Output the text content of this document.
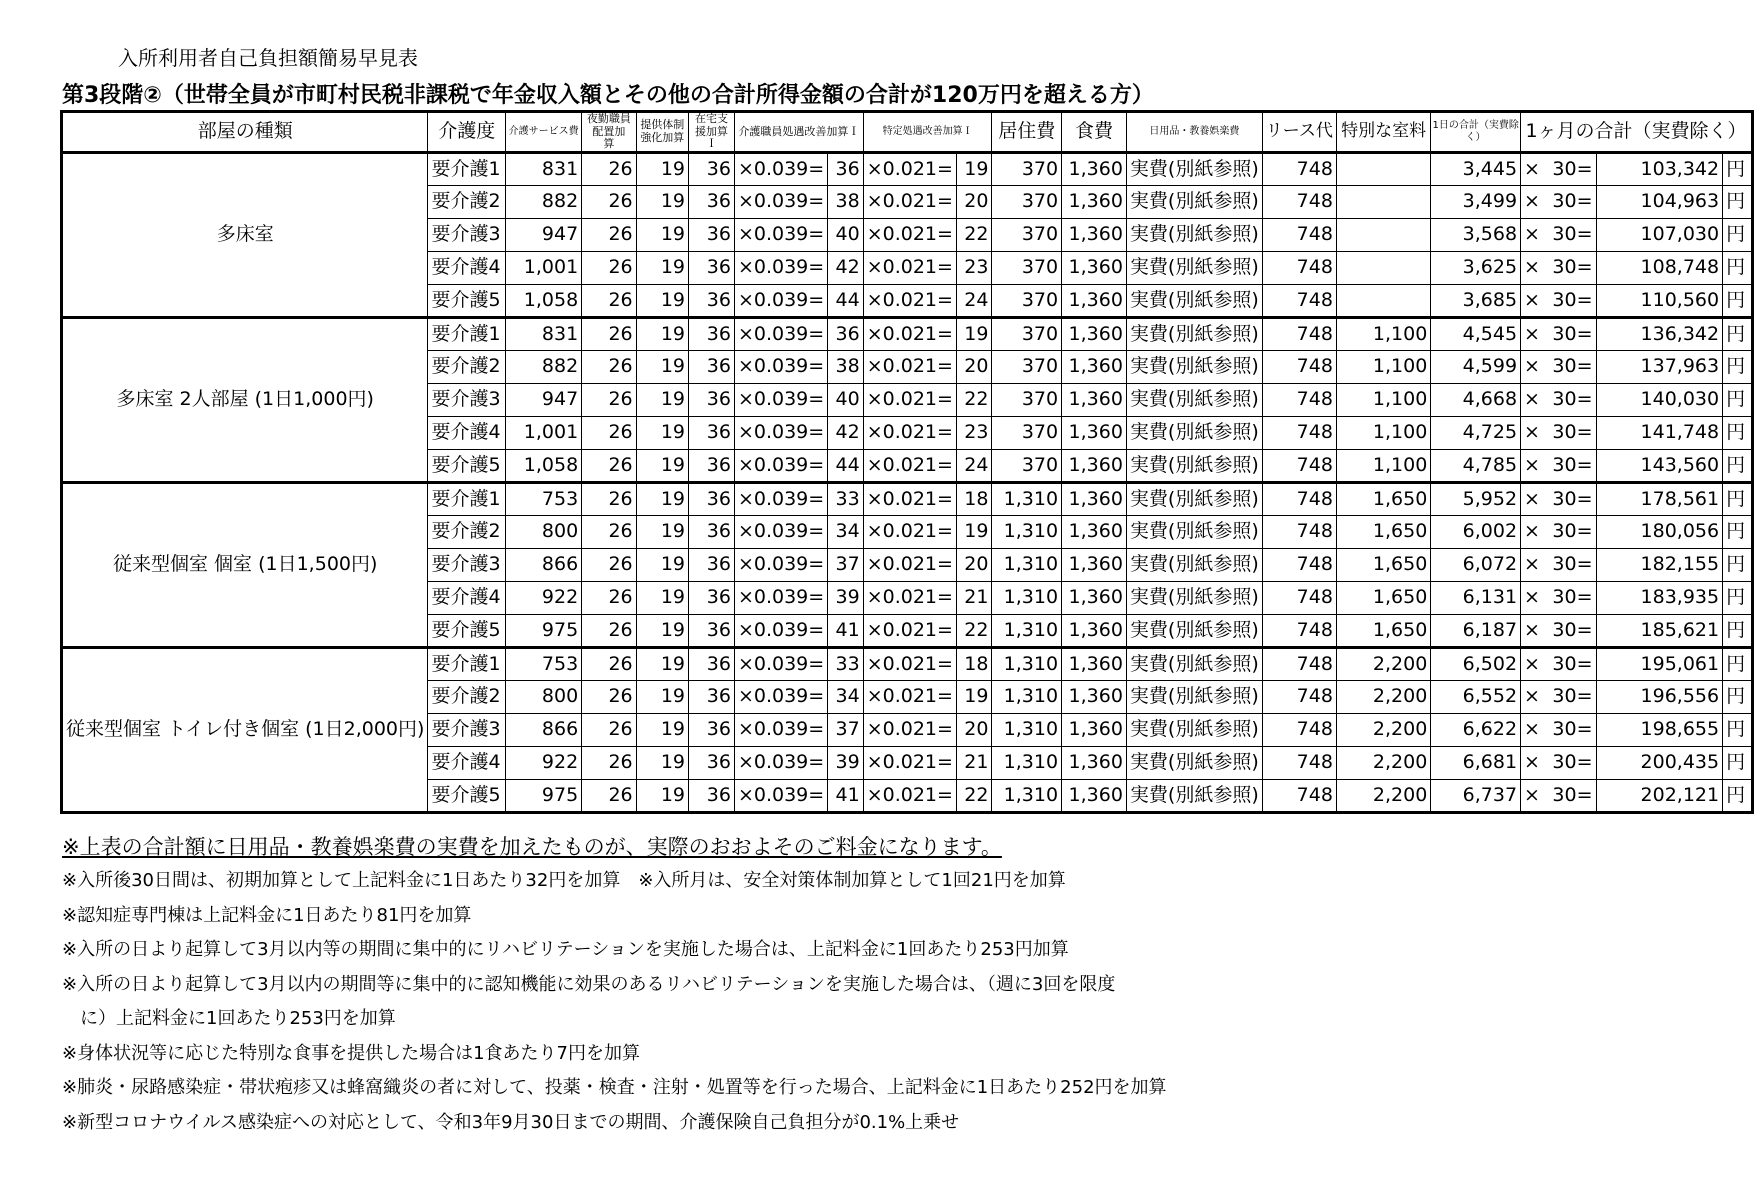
入所利用者自己負担額簡易早見表
第3段階②（世帯全員が市町村民税非課税で年金収入額とその他の合計所得金額の合計が120万円を超える方）
部屋の種類	介護度	介護サービス費	夜勤職員配置加　　算	提供体制強化加算	在宅支援加算Ｉ	介護職員処遇改善加算Ｉ		特定処遇改善加算Ｉ		居住費	食費	日用品・教養娯楽費	リース代	特別な室料	1日の合計（実費除く）	1ヶ月の合計（実費除く）			
多床室	要介護1	831	26	19	36	×0.039=	36	×0.021=	19	370	1,360	実費(別紙参照)	748		3,445	×	30=	103,342	円
	要介護2	882	26	19	36	×0.039=	38	×0.021=	20	370	1,360	実費(別紙参照)	748		3,499	×	30=	104,963	円
	要介護3	947	26	19	36	×0.039=	40	×0.021=	22	370	1,360	実費(別紙参照)	748		3,568	×	30=	107,030	円
	要介護4	1,001	26	19	36	×0.039=	42	×0.021=	23	370	1,360	実費(別紙参照)	748		3,625	×	30=	108,748	円
	要介護5	1,058	26	19	36	×0.039=	44	×0.021=	24	370	1,360	実費(別紙参照)	748		3,685	×	30=	110,560	円
多床室 2人部屋 (1日1,000円)	要介護1	831	26	19	36	×0.039=	36	×0.021=	19	370	1,360	実費(別紙参照)	748	1,100	4,545	×	30=	136,342	円
	要介護2	882	26	19	36	×0.039=	38	×0.021=	20	370	1,360	実費(別紙参照)	748	1,100	4,599	×	30=	137,963	円
	要介護3	947	26	19	36	×0.039=	40	×0.021=	22	370	1,360	実費(別紙参照)	748	1,100	4,668	×	30=	140,030	円
	要介護4	1,001	26	19	36	×0.039=	42	×0.021=	23	370	1,360	実費(別紙参照)	748	1,100	4,725	×	30=	141,748	円
	要介護5	1,058	26	19	36	×0.039=	44	×0.021=	24	370	1,360	実費(別紙参照)	748	1,100	4,785	×	30=	143,560	円
従来型個室 個室 (1日1,500円)	要介護1	753	26	19	36	×0.039=	33	×0.021=	18	1,310	1,360	実費(別紙参照)	748	1,650	5,952	×	30=	178,561	円
	要介護2	800	26	19	36	×0.039=	34	×0.021=	19	1,310	1,360	実費(別紙参照)	748	1,650	6,002	×	30=	180,056	円
	要介護3	866	26	19	36	×0.039=	37	×0.021=	20	1,310	1,360	実費(別紙参照)	748	1,650	6,072	×	30=	182,155	円
	要介護4	922	26	19	36	×0.039=	39	×0.021=	21	1,310	1,360	実費(別紙参照)	748	1,650	6,131	×	30=	183,935	円
	要介護5	975	26	19	36	×0.039=	41	×0.021=	22	1,310	1,360	実費(別紙参照)	748	1,650	6,187	×	30=	185,621	円
従来型個室 トイレ付き個室 (1日2,000円)	要介護1	753	26	19	36	×0.039=	33	×0.021=	18	1,310	1,360	実費(別紙参照)	748	2,200	6,502	×	30=	195,061	円
	要介護2	800	26	19	36	×0.039=	34	×0.021=	19	1,310	1,360	実費(別紙参照)	748	2,200	6,552	×	30=	196,556	円
	要介護3	866	26	19	36	×0.039=	37	×0.021=	20	1,310	1,360	実費(別紙参照)	748	2,200	6,622	×	30=	198,655	円
	要介護4	922	26	19	36	×0.039=	39	×0.021=	21	1,310	1,360	実費(別紙参照)	748	2,200	6,681	×	30=	200,435	円
	要介護5	975	26	19	36	×0.039=	41	×0.021=	22	1,310	1,360	実費(別紙参照)	748	2,200	6,737	×	30=	202,121	円
※上表の合計額に日用品・教養娯楽費の実費を加えたものが、実際のおおよそのご料金になります。
※入所後30日間は、初期加算として上記料金に1日あたり32円を加算　※入所月は、安全対策体制加算として1回21円を加算
※認知症専門棟は上記料金に1日あたり81円を加算
※入所の日より起算して3月以内等の期間に集中的にリハビリテーションを実施した場合は、上記料金に1回あたり253円加算
※入所の日より起算して3月以内の期間等に集中的に認知機能に効果のあるリハビリテーションを実施した場合は、（週に3回を限度
　に）上記料金に1回あたり253円を加算
※身体状況等に応じた特別な食事を提供した場合は1食あたり7円を加算
※肺炎・尿路感染症・帯状疱疹又は蜂窩織炎の者に対して、投薬・検査・注射・処置等を行った場合、上記料金に1日あたり252円を加算
※新型コロナウイルス感染症への対応として、令和3年9月30日までの期間、介護保険自己負担分が0.1%上乗せ
